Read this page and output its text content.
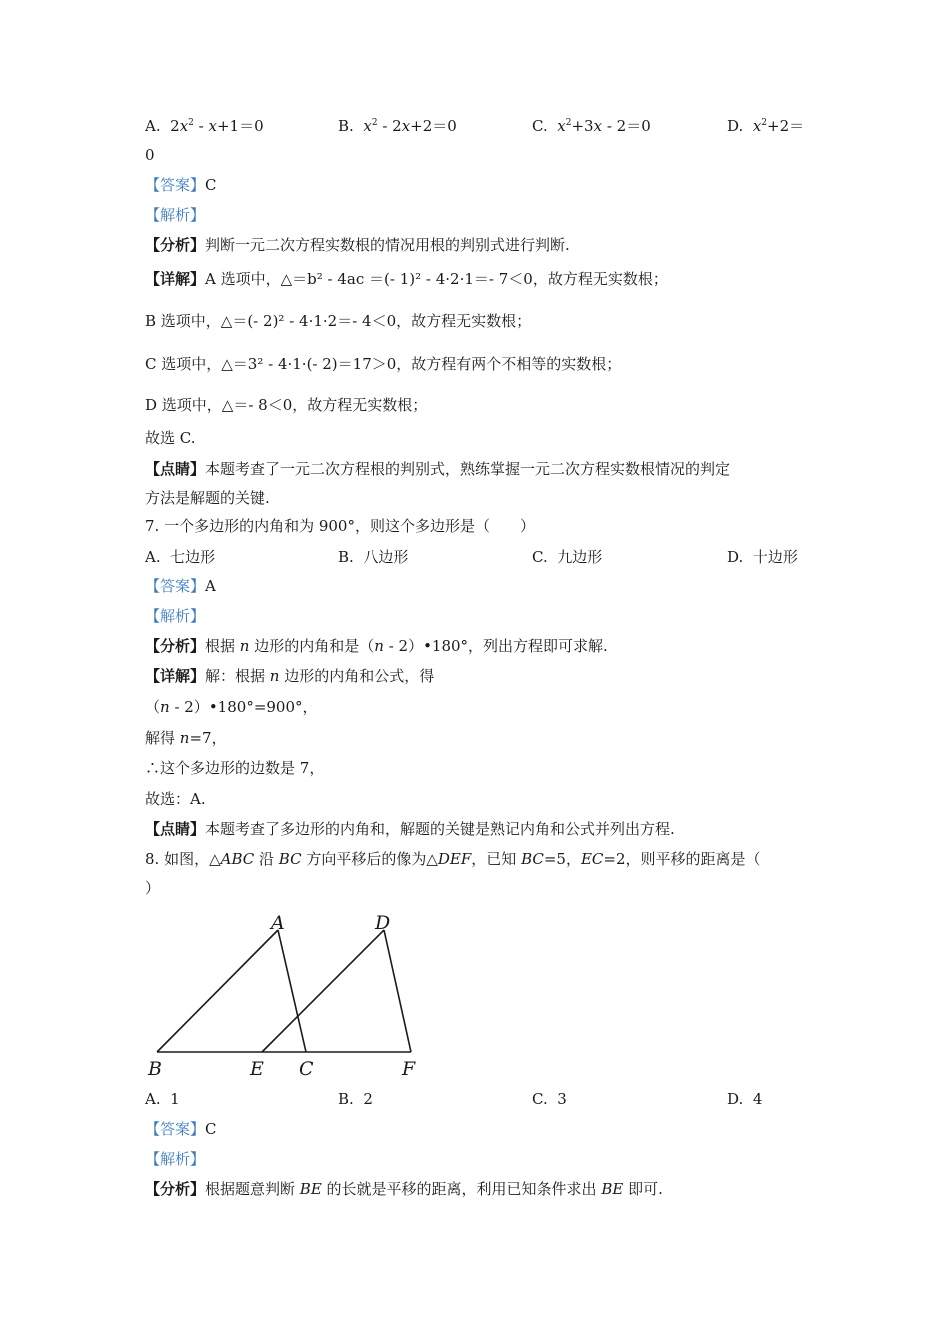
A. $2x^2 - x+1=0$	B. $x^2 - 2x+2=0$	C. $x^2+3x - 2=0$	D. $x^2+2=$
0
【答案】C
【解析】
【分析】判断一元二次方程实数根的情况用根的判别式进行判断.
【详解】A 选项中，△＝b² - 4ac ＝(- 1)² - 4·2·1＝- 7＜0，故方程无实数根；
B 选项中，△＝(- 2)² - 4·1·2＝- 4＜0，故方程无实数根；
C 选项中，△＝3² - 4·1·(- 2)＝17＞0，故方程有两个不相等的实数根；
D 选项中，△＝- 8＜0，故方程无实数根；
故选 C.
【点睛】本题考查了一元二次方程根的判别式，熟练掌握一元二次方程实数根情况的判定
方法是解题的关键.
7. 一个多边形的内角和为 900°，则这个多边形是（　　）
A. 七边形	B. 八边形	C. 九边形	D. 十边形
【答案】A
【解析】
【分析】根据 n 边形的内角和是（n - 2）•180°，列出方程即可求解.
【详解】解：根据 n 边形的内角和公式，得
（n - 2）•180°=900°，
解得 n=7，
∴这个多边形的边数是 7，
故选：A.
【点睛】本题考查了多边形的内角和，解题的关键是熟记内角和公式并列出方程.
8. 如图，△ABC 沿 BC 方向平移后的像为△DEF，已知 BC=5，EC=2，则平移的距离是（
）
A	D
B	E C	F
A. 1	B. 2	C. 3	D. 4
【答案】C
【解析】
【分析】根据题意判断 BE 的长就是平移的距离，利用已知条件求出 BE 即可.
